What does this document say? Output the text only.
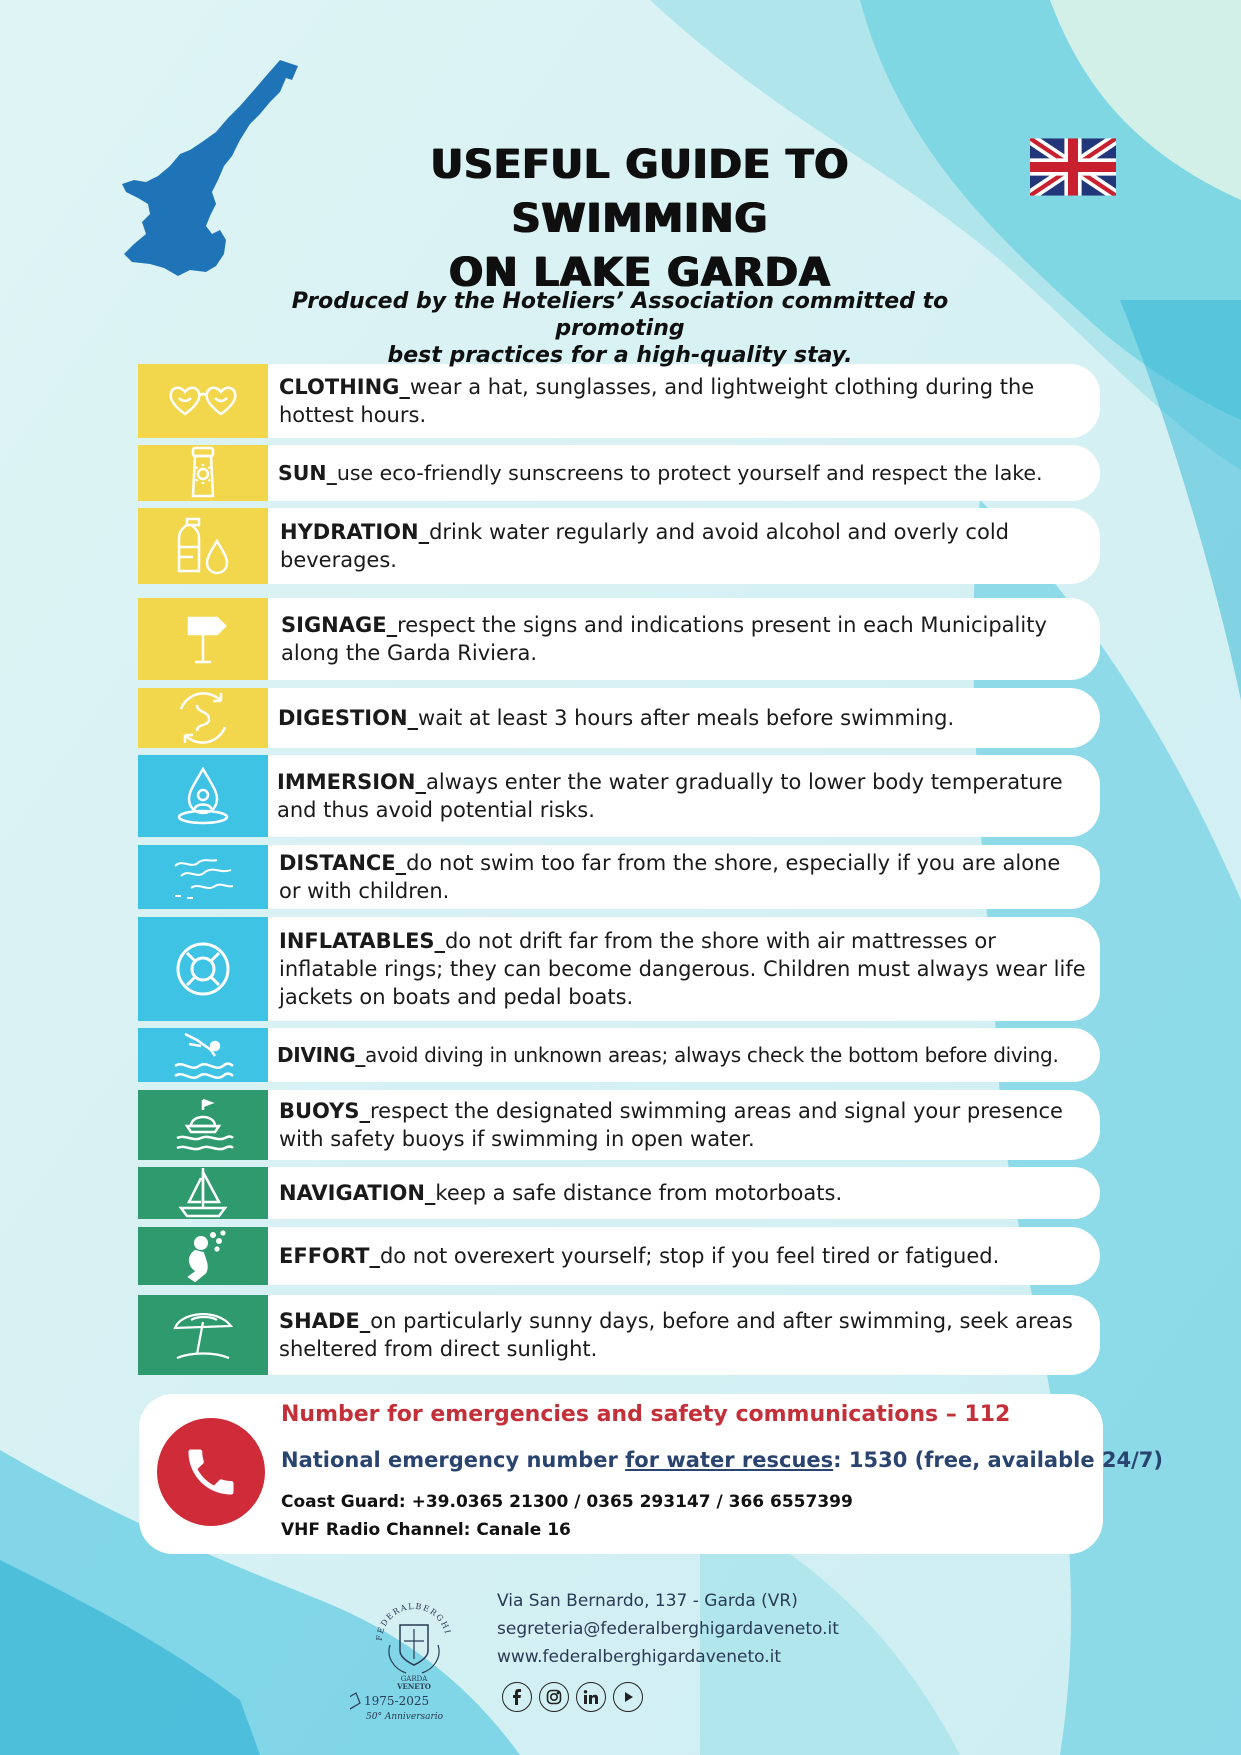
USEFUL GUIDE TO SWIMMING
ON LAKE GARDA
Produced by the Hoteliers’ Association committed to promoting
best practices for a high-quality stay.
CLOTHING_wear a hat, sunglasses, and lightweight clothing during the hottest hours.
SUN_use eco-friendly sunscreens to protect yourself and respect the lake.
HYDRATION_drink water regularly and avoid alcohol and overly cold beverages.
SIGNAGE_respect the signs and indications present in each Municipality along the Garda Riviera.
DIGESTION_wait at least 3 hours after meals before swimming.
IMMERSION_always enter the water gradually to lower body temperature and thus avoid potential risks.
DISTANCE_do not swim too far from the shore, especially if you are alone or with children.
INFLATABLES_do not drift far from the shore with air mattresses or inflatable rings; they can become dangerous. Children must always wear life jackets on boats and pedal boats.
DIVING_avoid diving in unknown areas; always check the bottom before diving.
BUOYS_respect the designated swimming areas and signal your presence with safety buoys if swimming in open water.
NAVIGATION_keep a safe distance from motorboats.
EFFORT_do not overexert yourself; stop if you feel tired or fatigued.
SHADE_on particularly sunny days, before and after swimming, seek areas sheltered from direct sunlight.
Number for emergencies and safety communications – 112
National emergency number for water rescues: 1530 (free, available 24/7)
Coast Guard: +39.0365 21300 / 0365 293147 / 366 6557399
VHF Radio Channel: Canale 16
FEDERALBERGHI
GARDA
VENETO
1975-2025
50° Anniversario
Via San Bernardo, 137 - Garda (VR)
segreteria@federalberghigardaveneto.it
www.federalberghigardaveneto.it
